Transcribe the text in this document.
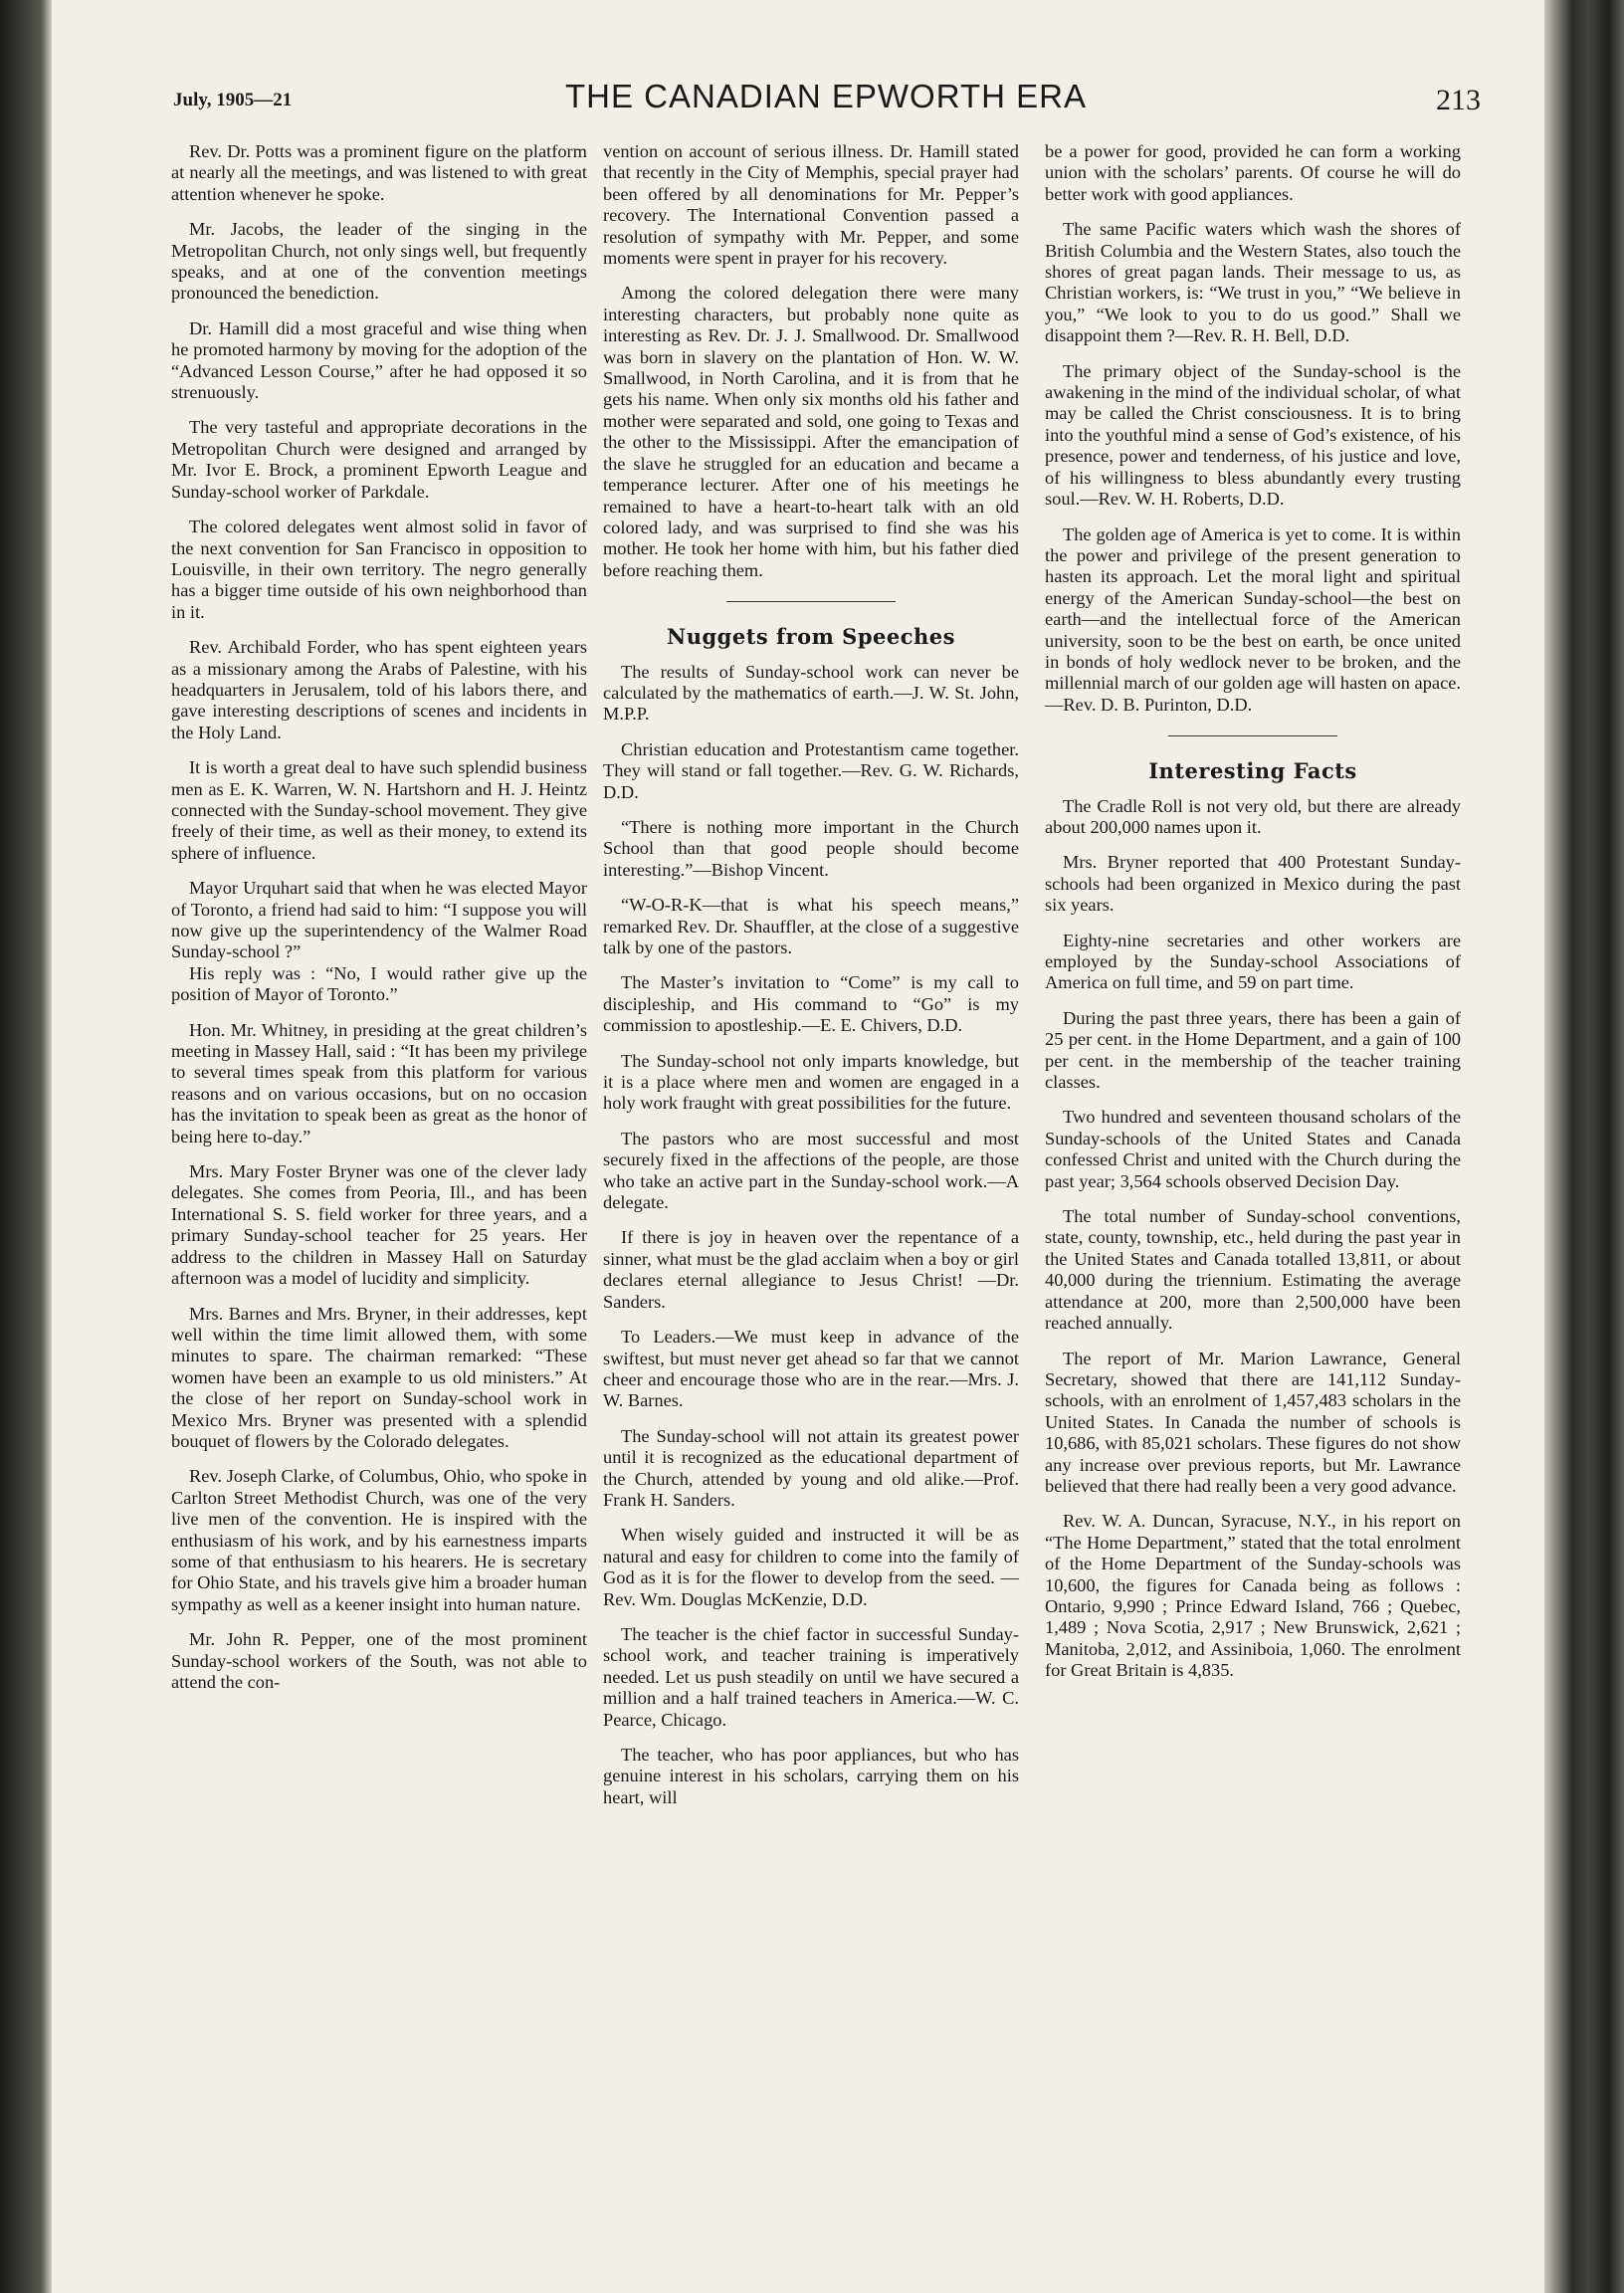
July, 1905—21	THE CANADIAN EPWORTH ERA	213

Rev. Dr. Potts was a prominent figure on the platform at nearly all the meetings, and was listened to with great attention whenever he spoke.

Mr. Jacobs, the leader of the singing in the Metropolitan Church, not only sings well, but frequently speaks, and at one of the convention meetings pronounced the benediction.

Dr. Hamill did a most graceful and wise thing when he promoted harmony by moving for the adoption of the “Advanced Lesson Course,” after he had opposed it so strenuously.

The very tasteful and appropriate decorations in the Metropolitan Church were designed and arranged by Mr. Ivor E. Brock, a prominent Epworth League and Sunday-school worker of Parkdale.

The colored delegates went almost solid in favor of the next convention for San Francisco in opposition to Louisville, in their own territory. The negro generally has a bigger time outside of his own neighborhood than in it.

Rev. Archibald Forder, who has spent eighteen years as a missionary among the Arabs of Palestine, with his headquarters in Jerusalem, told of his labors there, and gave interesting descriptions of scenes and incidents in the Holy Land.

It is worth a great deal to have such splendid business men as E. K. Warren, W. N. Hartshorn and H. J. Heintz connected with the Sunday-school movement. They give freely of their time, as well as their money, to extend its sphere of influence.

Mayor Urquhart said that when he was elected Mayor of Toronto, a friend had said to him: “I suppose you will now give up the superintendency of the Walmer Road Sunday-school ?”

His reply was : “No, I would rather give up the position of Mayor of Toronto.”

Hon. Mr. Whitney, in presiding at the great children’s meeting in Massey Hall, said : “It has been my privilege to several times speak from this platform for various reasons and on various occasions, but on no occasion has the invitation to speak been as great as the honor of being here to-day.”

Mrs. Mary Foster Bryner was one of the clever lady delegates. She comes from Peoria, Ill., and has been International S. S. field worker for three years, and a primary Sunday-school teacher for 25 years. Her address to the children in Massey Hall on Saturday afternoon was a model of lucidity and simplicity.

Mrs. Barnes and Mrs. Bryner, in their addresses, kept well within the time limit allowed them, with some minutes to spare. The chairman remarked: “These women have been an example to us old ministers.” At the close of her report on Sunday-school work in Mexico Mrs. Bryner was presented with a splendid bouquet of flowers by the Colorado delegates.

Rev. Joseph Clarke, of Columbus, Ohio, who spoke in Carlton Street Methodist Church, was one of the very live men of the convention. He is inspired with the enthusiasm of his work, and by his earnestness imparts some of that enthusiasm to his hearers. He is secretary for Ohio State, and his travels give him a broader human sympathy as well as a keener insight into human nature.

Mr. John R. Pepper, one of the most prominent Sunday-school workers of the South, was not able to attend the con-

vention on account of serious illness. Dr. Hamill stated that recently in the City of Memphis, special prayer had been offered by all denominations for Mr. Pepper’s recovery. The International Convention passed a resolution of sympathy with Mr. Pepper, and some moments were spent in prayer for his recovery.

Among the colored delegation there were many interesting characters, but probably none quite as interesting as Rev. Dr. J. J. Smallwood. Dr. Smallwood was born in slavery on the plantation of Hon. W. W. Smallwood, in North Carolina, and it is from that he gets his name. When only six months old his father and mother were separated and sold, one going to Texas and the other to the Mississippi. After the emancipation of the slave he struggled for an education and became a temperance lecturer. After one of his meetings he remained to have a heart-to-heart talk with an old colored lady, and was surprised to find she was his mother. He took her home with him, but his father died before reaching them.

Nuggets from Speeches

The results of Sunday-school work can never be calculated by the mathematics of earth.—J. W. St. John, M.P.P.

Christian education and Protestantism came together. They will stand or fall together.—Rev. G. W. Richards, D.D.

“There is nothing more important in the Church School than that good people should become interesting.”—Bishop Vincent.

“W-O-R-K—that is what his speech means,” remarked Rev. Dr. Shauffler, at the close of a suggestive talk by one of the pastors.

The Master’s invitation to “Come” is my call to discipleship, and His command to “Go” is my commission to apostleship.—E. E. Chivers, D.D.

The Sunday-school not only imparts knowledge, but it is a place where men and women are engaged in a holy work fraught with great possibilities for the future.

The pastors who are most successful and most securely fixed in the affections of the people, are those who take an active part in the Sunday-school work.—A delegate.

If there is joy in heaven over the repentance of a sinner, what must be the glad acclaim when a boy or girl declares eternal allegiance to Jesus Christ! —Dr. Sanders.

To Leaders.—We must keep in advance of the swiftest, but must never get ahead so far that we cannot cheer and encourage those who are in the rear.—Mrs. J. W. Barnes.

The Sunday-school will not attain its greatest power until it is recognized as the educational department of the Church, attended by young and old alike.—Prof. Frank H. Sanders.

When wisely guided and instructed it will be as natural and easy for children to come into the family of God as it is for the flower to develop from the seed. —Rev. Wm. Douglas McKenzie, D.D.

The teacher is the chief factor in successful Sunday-school work, and teacher training is imperatively needed. Let us push steadily on until we have secured a million and a half trained teachers in America.—W. C. Pearce, Chicago.

The teacher, who has poor appliances, but who has genuine interest in his scholars, carrying them on his heart, will

be a power for good, provided he can form a working union with the scholars’ parents. Of course he will do better work with good appliances.

The same Pacific waters which wash the shores of British Columbia and the Western States, also touch the shores of great pagan lands. Their message to us, as Christian workers, is: “We trust in you,” “We believe in you,” “We look to you to do us good.” Shall we disappoint them ?—Rev. R. H. Bell, D.D.

The primary object of the Sunday-school is the awakening in the mind of the individual scholar, of what may be called the Christ consciousness. It is to bring into the youthful mind a sense of God’s existence, of his presence, power and tenderness, of his justice and love, of his willingness to bless abundantly every trusting soul.—Rev. W. H. Roberts, D.D.

The golden age of America is yet to come. It is within the power and privilege of the present generation to hasten its approach. Let the moral light and spiritual energy of the American Sunday-school—the best on earth—and the intellectual force of the American university, soon to be the best on earth, be once united in bonds of holy wedlock never to be broken, and the millennial march of our golden age will hasten on apace.—Rev. D. B. Purinton, D.D.

Interesting Facts

The Cradle Roll is not very old, but there are already about 200,000 names upon it.

Mrs. Bryner reported that 400 Protestant Sunday-schools had been organized in Mexico during the past six years.

Eighty-nine secretaries and other workers are employed by the Sunday-school Associations of America on full time, and 59 on part time.

During the past three years, there has been a gain of 25 per cent. in the Home Department, and a gain of 100 per cent. in the membership of the teacher training classes.

Two hundred and seventeen thousand scholars of the Sunday-schools of the United States and Canada confessed Christ and united with the Church during the past year; 3,564 schools observed Decision Day.

The total number of Sunday-school conventions, state, county, township, etc., held during the past year in the United States and Canada totalled 13,811, or about 40,000 during the triennium. Estimating the average attendance at 200, more than 2,500,000 have been reached annually.

The report of Mr. Marion Lawrance, General Secretary, showed that there are 141,112 Sunday-schools, with an enrolment of 1,457,483 scholars in the United States. In Canada the number of schools is 10,686, with 85,021 scholars. These figures do not show any increase over previous reports, but Mr. Lawrance believed that there had really been a very good advance.

Rev. W. A. Duncan, Syracuse, N.Y., in his report on “The Home Department,” stated that the total enrolment of the Home Department of the Sunday-schools was 10,600, the figures for Canada being as follows : Ontario, 9,990 ; Prince Edward Island, 766 ; Quebec, 1,489 ; Nova Scotia, 2,917 ; New Brunswick, 2,621 ; Manitoba, 2,012, and Assiniboia, 1,060. The enrolment for Great Britain is 4,835.
